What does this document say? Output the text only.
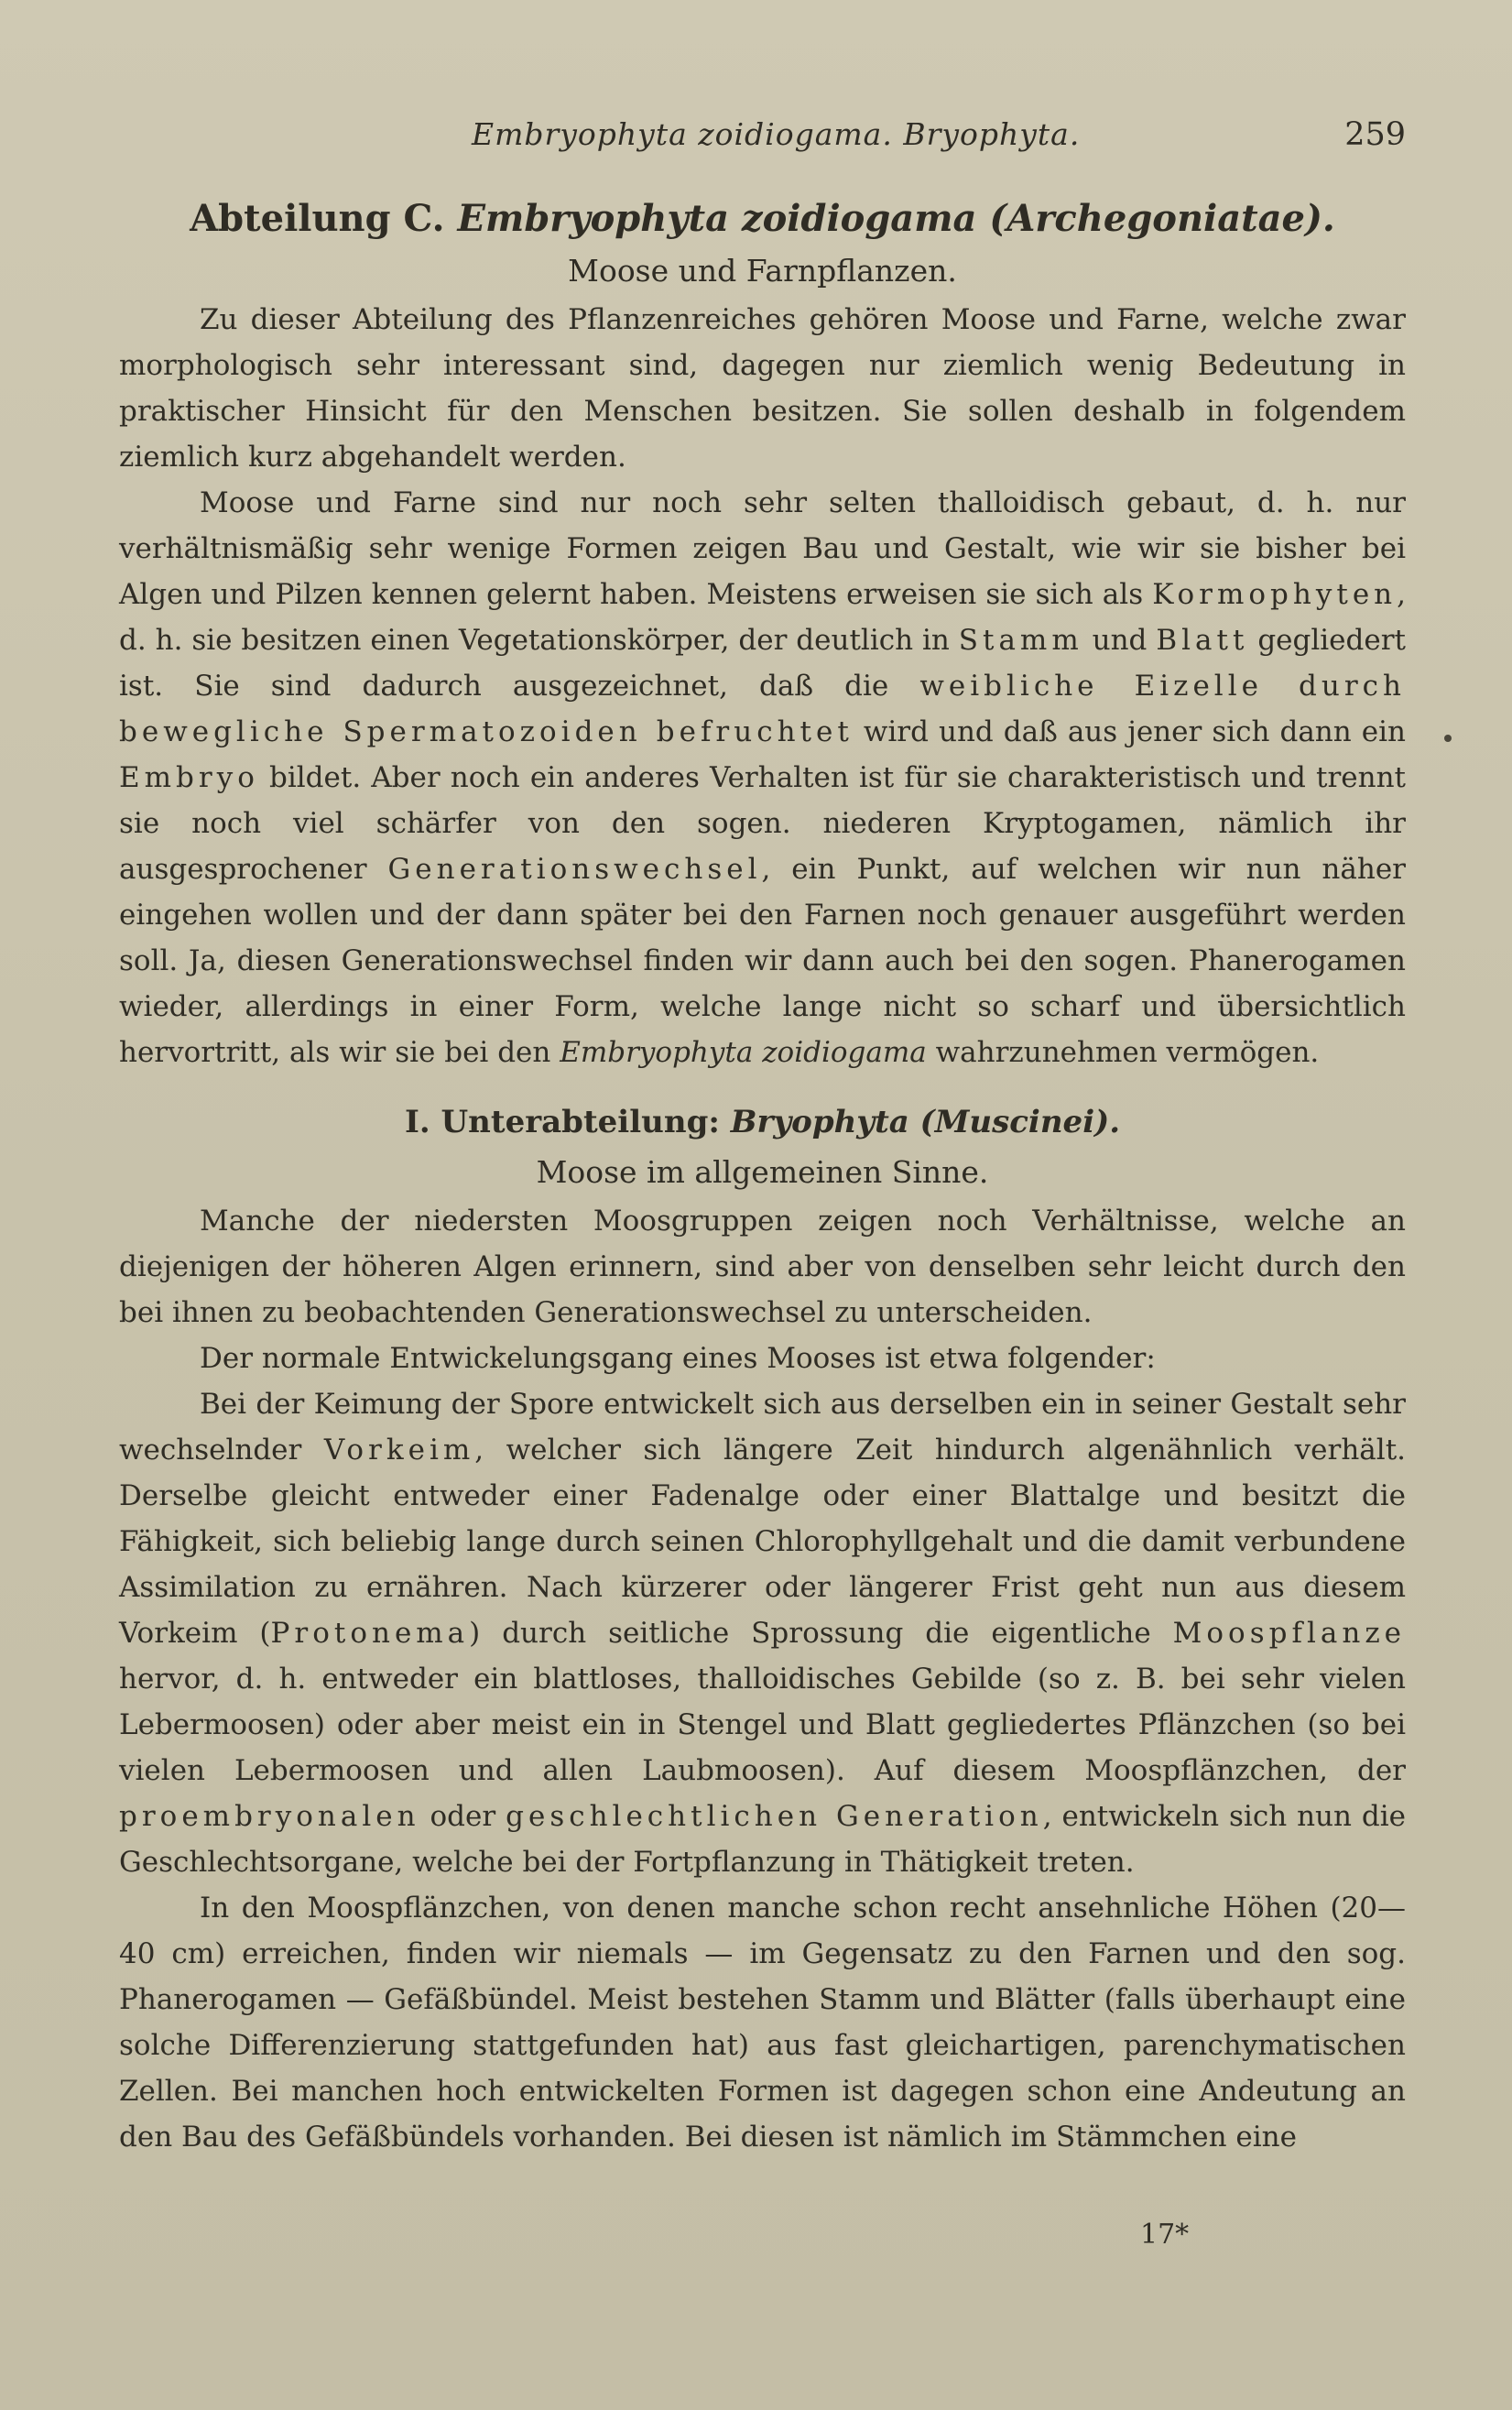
Embryophyta zoidiogama. Bryophyta.	259
Abteilung C. Embryophyta zoidiogama (Archegoniatae).
Moose und Farnpflanzen.

Zu dieser Abteilung des Pflanzenreiches gehören Moose und Farne, welche zwar morphologisch sehr interessant sind, dagegen nur ziemlich wenig Bedeutung in praktischer Hinsicht für den Menschen besitzen. Sie sollen deshalb in folgendem ziemlich kurz abgehandelt werden.

Moose und Farne sind nur noch sehr selten thalloidisch gebaut, d. h. nur verhältnismäßig sehr wenige Formen zeigen Bau und Gestalt, wie wir sie bisher bei Algen und Pilzen kennen gelernt haben. Meistens erweisen sie sich als Kormophyten, d. h. sie besitzen einen Vegetationskörper, der deutlich in Stamm und Blatt gegliedert ist. Sie sind dadurch ausgezeichnet, daß die weibliche Eizelle durch bewegliche Spermatozoiden befruchtet wird und daß aus jener sich dann ein Embryo bildet. Aber noch ein anderes Verhalten ist für sie charakteristisch und trennt sie noch viel schärfer von den sogen. niederen Kryptogamen, nämlich ihr ausgesprochener Generationswechsel, ein Punkt, auf welchen wir nun näher eingehen wollen und der dann später bei den Farnen noch genauer ausgeführt werden soll. Ja, diesen Generationswechsel finden wir dann auch bei den sogen. Phanerogamen wieder, allerdings in einer Form, welche lange nicht so scharf und übersichtlich hervortritt, als wir sie bei den Embryophyta zoidiogama wahrzunehmen vermögen.

I. Unterabteilung: Bryophyta (Muscinei).
Moose im allgemeinen Sinne.

Manche der niedersten Moosgruppen zeigen noch Verhältnisse, welche an diejenigen der höheren Algen erinnern, sind aber von denselben sehr leicht durch den bei ihnen zu beobachtenden Generationswechsel zu unterscheiden.

Der normale Entwickelungsgang eines Mooses ist etwa folgender:

Bei der Keimung der Spore entwickelt sich aus derselben ein in seiner Gestalt sehr wechselnder Vorkeim, welcher sich längere Zeit hindurch algenähnlich verhält. Derselbe gleicht entweder einer Fadenalge oder einer Blattalge und besitzt die Fähigkeit, sich beliebig lange durch seinen Chlorophyllgehalt und die damit verbundene Assimilation zu ernähren. Nach kürzerer oder längerer Frist geht nun aus diesem Vorkeim (Protonema) durch seitliche Sprossung die eigentliche Moospflanze hervor, d. h. entweder ein blattloses, thalloidisches Gebilde (so z. B. bei sehr vielen Lebermoosen) oder aber meist ein in Stengel und Blatt gegliedertes Pflänzchen (so bei vielen Lebermoosen und allen Laubmoosen). Auf diesem Moospflänzchen, der proembryonalen oder geschlechtlichen Generation, entwickeln sich nun die Geschlechtsorgane, welche bei der Fortpflanzung in Thätigkeit treten.

In den Moospflänzchen, von denen manche schon recht ansehnliche Höhen (20—40 cm) erreichen, finden wir niemals — im Gegensatz zu den Farnen und den sog. Phanerogamen — Gefäßbündel. Meist bestehen Stamm und Blätter (falls überhaupt eine solche Differenzierung stattgefunden hat) aus fast gleichartigen, parenchymatischen Zellen. Bei manchen hoch entwickelten Formen ist dagegen schon eine Andeutung an den Bau des Gefäßbündels vorhanden. Bei diesen ist nämlich im Stämmchen eine

17*
